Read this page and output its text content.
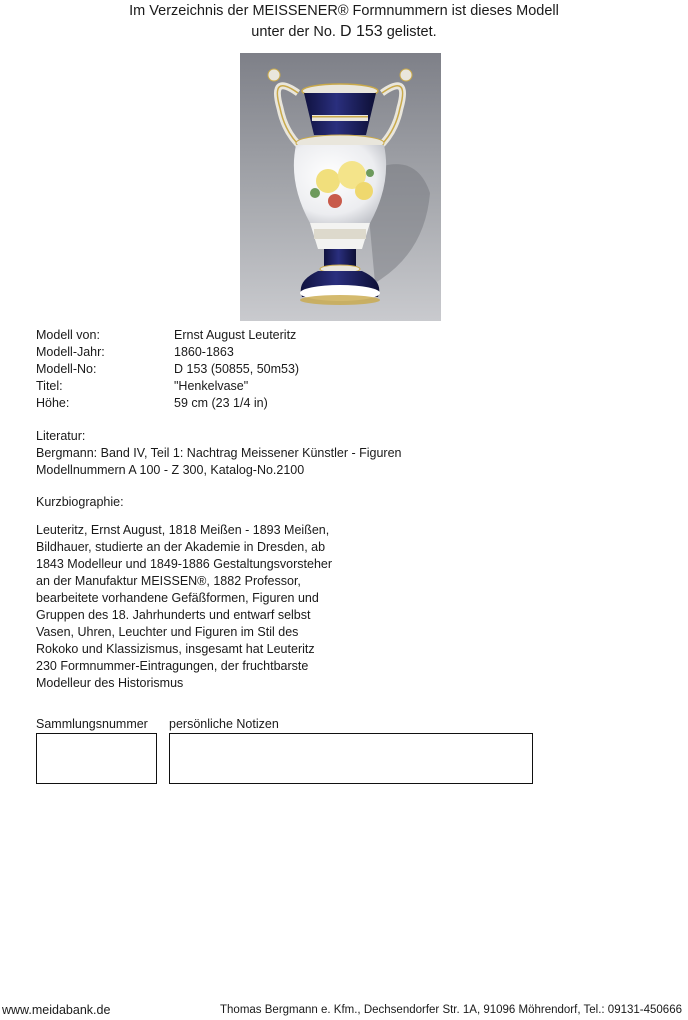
Im Verzeichnis der MEISSENER® Formnummern ist dieses Modell
unter der No. D 153 gelistet.
Modell von:	Ernst August Leuteritz
Modell-Jahr:	1860-1863
Modell-No:	D 153 (50855, 50m53)
Titel:	"Henkelvase"
Höhe:	59 cm (23 1/4 in)
Literatur:
Bergmann: Band IV, Teil 1: Nachtrag Meissener Künstler - Figuren
Modellnummern A 100 - Z 300, Katalog-No.2100
Kurzbiographie:
Leuteritz, Ernst August, 1818 Meißen - 1893 Meißen,
Bildhauer, studierte an der Akademie in Dresden, ab
1843 Modelleur und 1849-1886 Gestaltungsvorsteher
an der Manufaktur MEISSEN®, 1882 Professor,
bearbeitete vorhandene Gefäßformen, Figuren und
Gruppen des 18. Jahrhunderts und entwarf selbst
Vasen, Uhren, Leuchter und Figuren im Stil des
Rokoko und Klassizismus, insgesamt hat Leuteritz
230 Formnummer-Eintragungen, der fruchtbarste
Modelleur des Historismus
Sammlungsnummer persönliche Notizen
www.meidabank.de	Thomas Bergmann e. Kfm., Dechsendorfer Str. 1A, 91096 Möhrendorf, Tel.: 09131-450666
